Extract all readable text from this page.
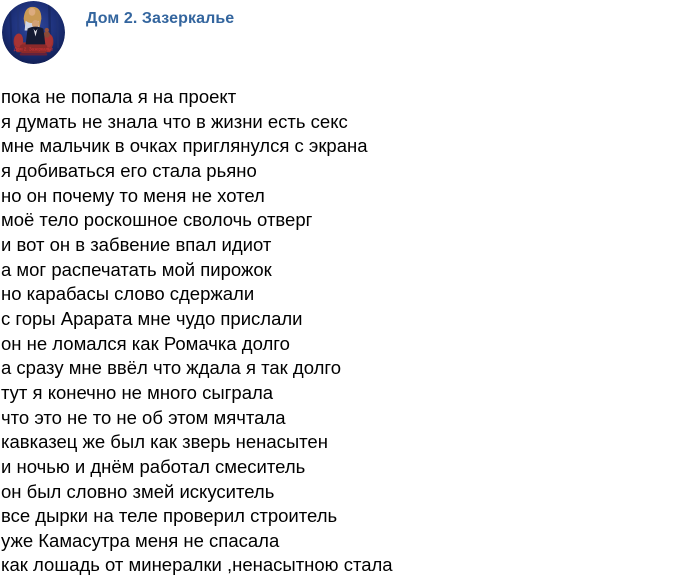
Дом 2. Зазеркалье
Дом 2. Зазеркалье
пока не попала я на проект
я думать не знала что в жизни есть секс
мне мальчик в очках приглянулся с экрана
я добиваться его стала рьяно
но он почему то меня не хотел
моё тело роскошное сволочь отверг
и вот он в забвение впал идиот
а мог распечатать мой пирожок
но карабасы слово сдержали
с горы Арарата мне чудо прислали
он не ломался как Ромачка долго
а сразу мне ввёл что ждала я так долго
тут я конечно не много сыграла
что это не то не об этом мячтала
кавказец же был как зверь ненасытен
и ночью и днём работал смеситель
он был словно змей искуситель
все дырки на теле проверил строитель
уже Камасутра меня не спасала
как лошадь от минералки ,ненасытною стала
